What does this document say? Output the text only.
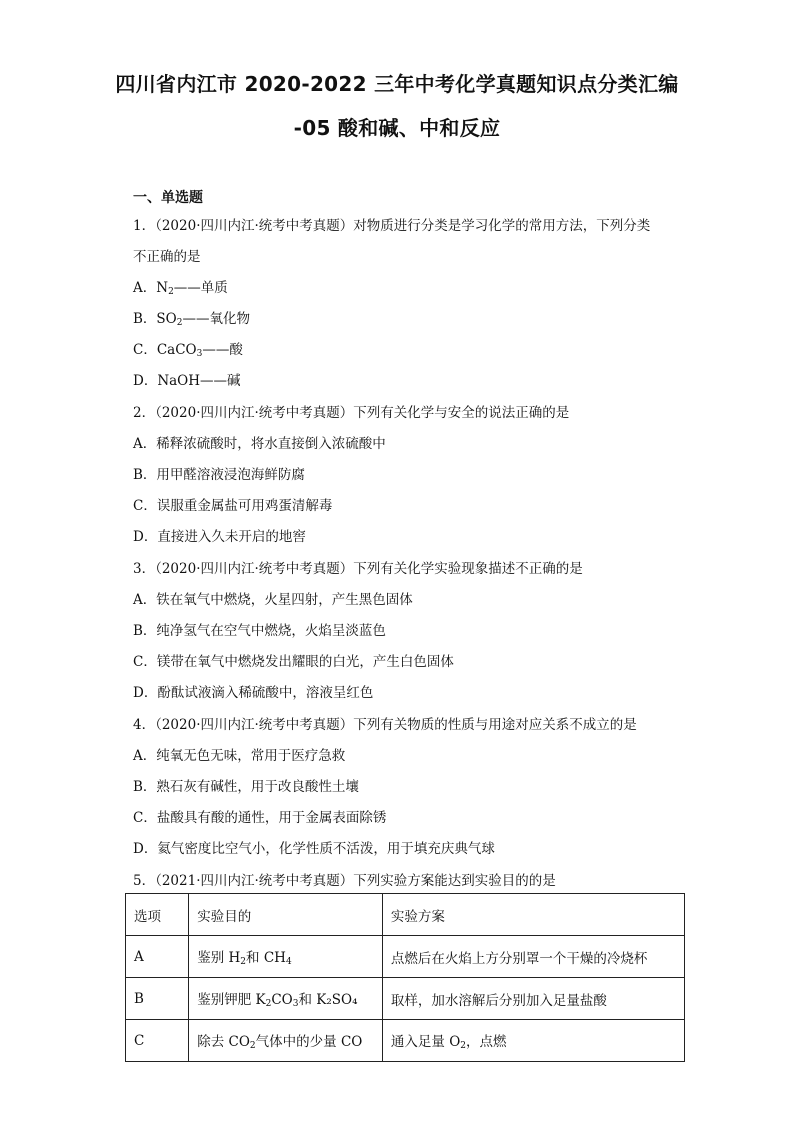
四川省内江市 2020-2022 三年中考化学真题知识点分类汇编
-05 酸和碱、中和反应
一、单选题
1．（2020·四川内江·统考中考真题）对物质进行分类是学习化学的常用方法，下列分类
不正确的是
A．$N_2——$单质
B．$SO_2——$氧化物
C．CaCO$_3$——酸
D．NaOH——碱
2．（2020·四川内江·统考中考真题）下列有关化学与安全的说法正确的是
A．稀释浓硫酸时，将水直接倒入浓硫酸中
B．用甲醛溶液浸泡海鲜防腐
C．误服重金属盐可用鸡蛋清解毒
D．直接进入久未开启的地窖
3．（2020·四川内江·统考中考真题）下列有关化学实验现象描述不正确的是
A．铁在氧气中燃烧，火星四射，产生黑色固体
B．纯净氢气在空气中燃烧，火焰呈淡蓝色
C．镁带在氧气中燃烧发出耀眼的白光，产生白色固体
D．酚酞试液滴入稀硫酸中，溶液呈红色
4．（2020·四川内江·统考中考真题）下列有关物质的性质与用途对应关系不成立的是
A．纯氧无色无味，常用于医疗急救
B．熟石灰有碱性，用于改良酸性土壤
C．盐酸具有酸的通性，用于金属表面除锈
D．氦气密度比空气小，化学性质不活泼，用于填充庆典气球
5．（2021·四川内江·统考中考真题）下列实验方案能达到实验目的的是
选项	实验目的	实验方案
A	鉴别 $H_2$和 $CH_4$	点燃后在火焰上方分别罩一个干燥的冷烧杯
B	鉴别钾肥 $K_2CO_3$和 K₂SO₄	取样，加水溶解后分别加入足量盐酸
C	除去 $CO_2$气体中的少量 CO	通入足量 $O_2$，点燃
